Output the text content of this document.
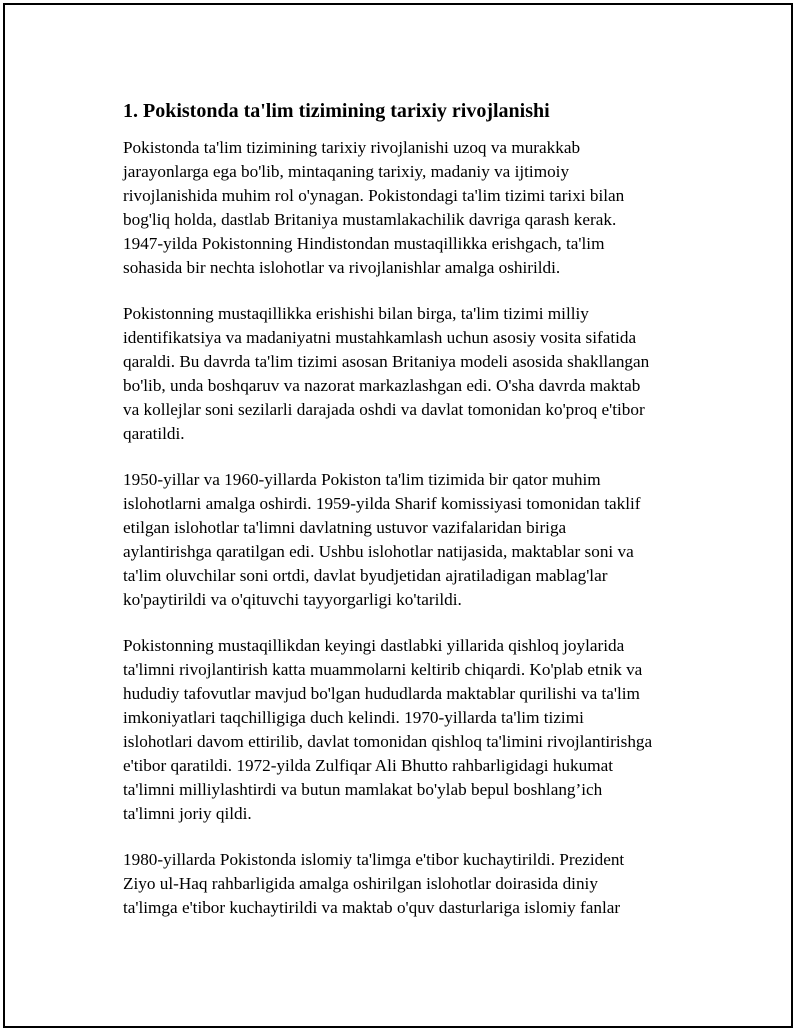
1. Pokistonda ta'lim tizimining tarixiy rivojlanishi
Pokistonda ta'lim tizimining tarixiy rivojlanishi uzoq va murakkab
jarayonlarga ega bo'lib, mintaqaning tarixiy, madaniy va ijtimoiy
rivojlanishida muhim rol o'ynagan. Pokistondagi ta'lim tizimi tarixi bilan
bog'liq holda, dastlab Britaniya mustamlakachilik davriga qarash kerak.
1947-yilda Pokistonning Hindistondan mustaqillikka erishgach, ta'lim
sohasida bir nechta islohotlar va rivojlanishlar amalga oshirildi.
Pokistonning mustaqillikka erishishi bilan birga, ta'lim tizimi milliy
identifikatsiya va madaniyatni mustahkamlash uchun asosiy vosita sifatida
qaraldi. Bu davrda ta'lim tizimi asosan Britaniya modeli asosida shakllangan
bo'lib, unda boshqaruv va nazorat markazlashgan edi. O'sha davrda maktab
va kollejlar soni sezilarli darajada oshdi va davlat tomonidan ko'proq e'tibor
qaratildi.
1950-yillar va 1960-yillarda Pokiston ta'lim tizimida bir qator muhim
islohotlarni amalga oshirdi. 1959-yilda Sharif komissiyasi tomonidan taklif
etilgan islohotlar ta'limni davlatning ustuvor vazifalaridan biriga
aylantirishga qaratilgan edi. Ushbu islohotlar natijasida, maktablar soni va
ta'lim oluvchilar soni ortdi, davlat byudjetidan ajratiladigan mablag'lar
ko'paytirildi va o'qituvchi tayyorgarligi ko'tarildi.
Pokistonning mustaqillikdan keyingi dastlabki yillarida qishloq joylarida
ta'limni rivojlantirish katta muammolarni keltirib chiqardi. Ko'plab etnik va
hududiy tafovutlar mavjud bo'lgan hududlarda maktablar qurilishi va ta'lim
imkoniyatlari taqchilligiga duch kelindi. 1970-yillarda ta'lim tizimi
islohotlari davom ettirilib, davlat tomonidan qishloq ta'limini rivojlantirishga
e'tibor qaratildi. 1972-yilda Zulfiqar Ali Bhutto rahbarligidagi hukumat
ta'limni milliylashtirdi va butun mamlakat bo'ylab bepul boshlang’ich
ta'limni joriy qildi.
1980-yillarda Pokistonda islomiy ta'limga e'tibor kuchaytirildi. Prezident
Ziyo ul-Haq rahbarligida amalga oshirilgan islohotlar doirasida diniy
ta'limga e'tibor kuchaytirildi va maktab o'quv dasturlariga islomiy fanlar
